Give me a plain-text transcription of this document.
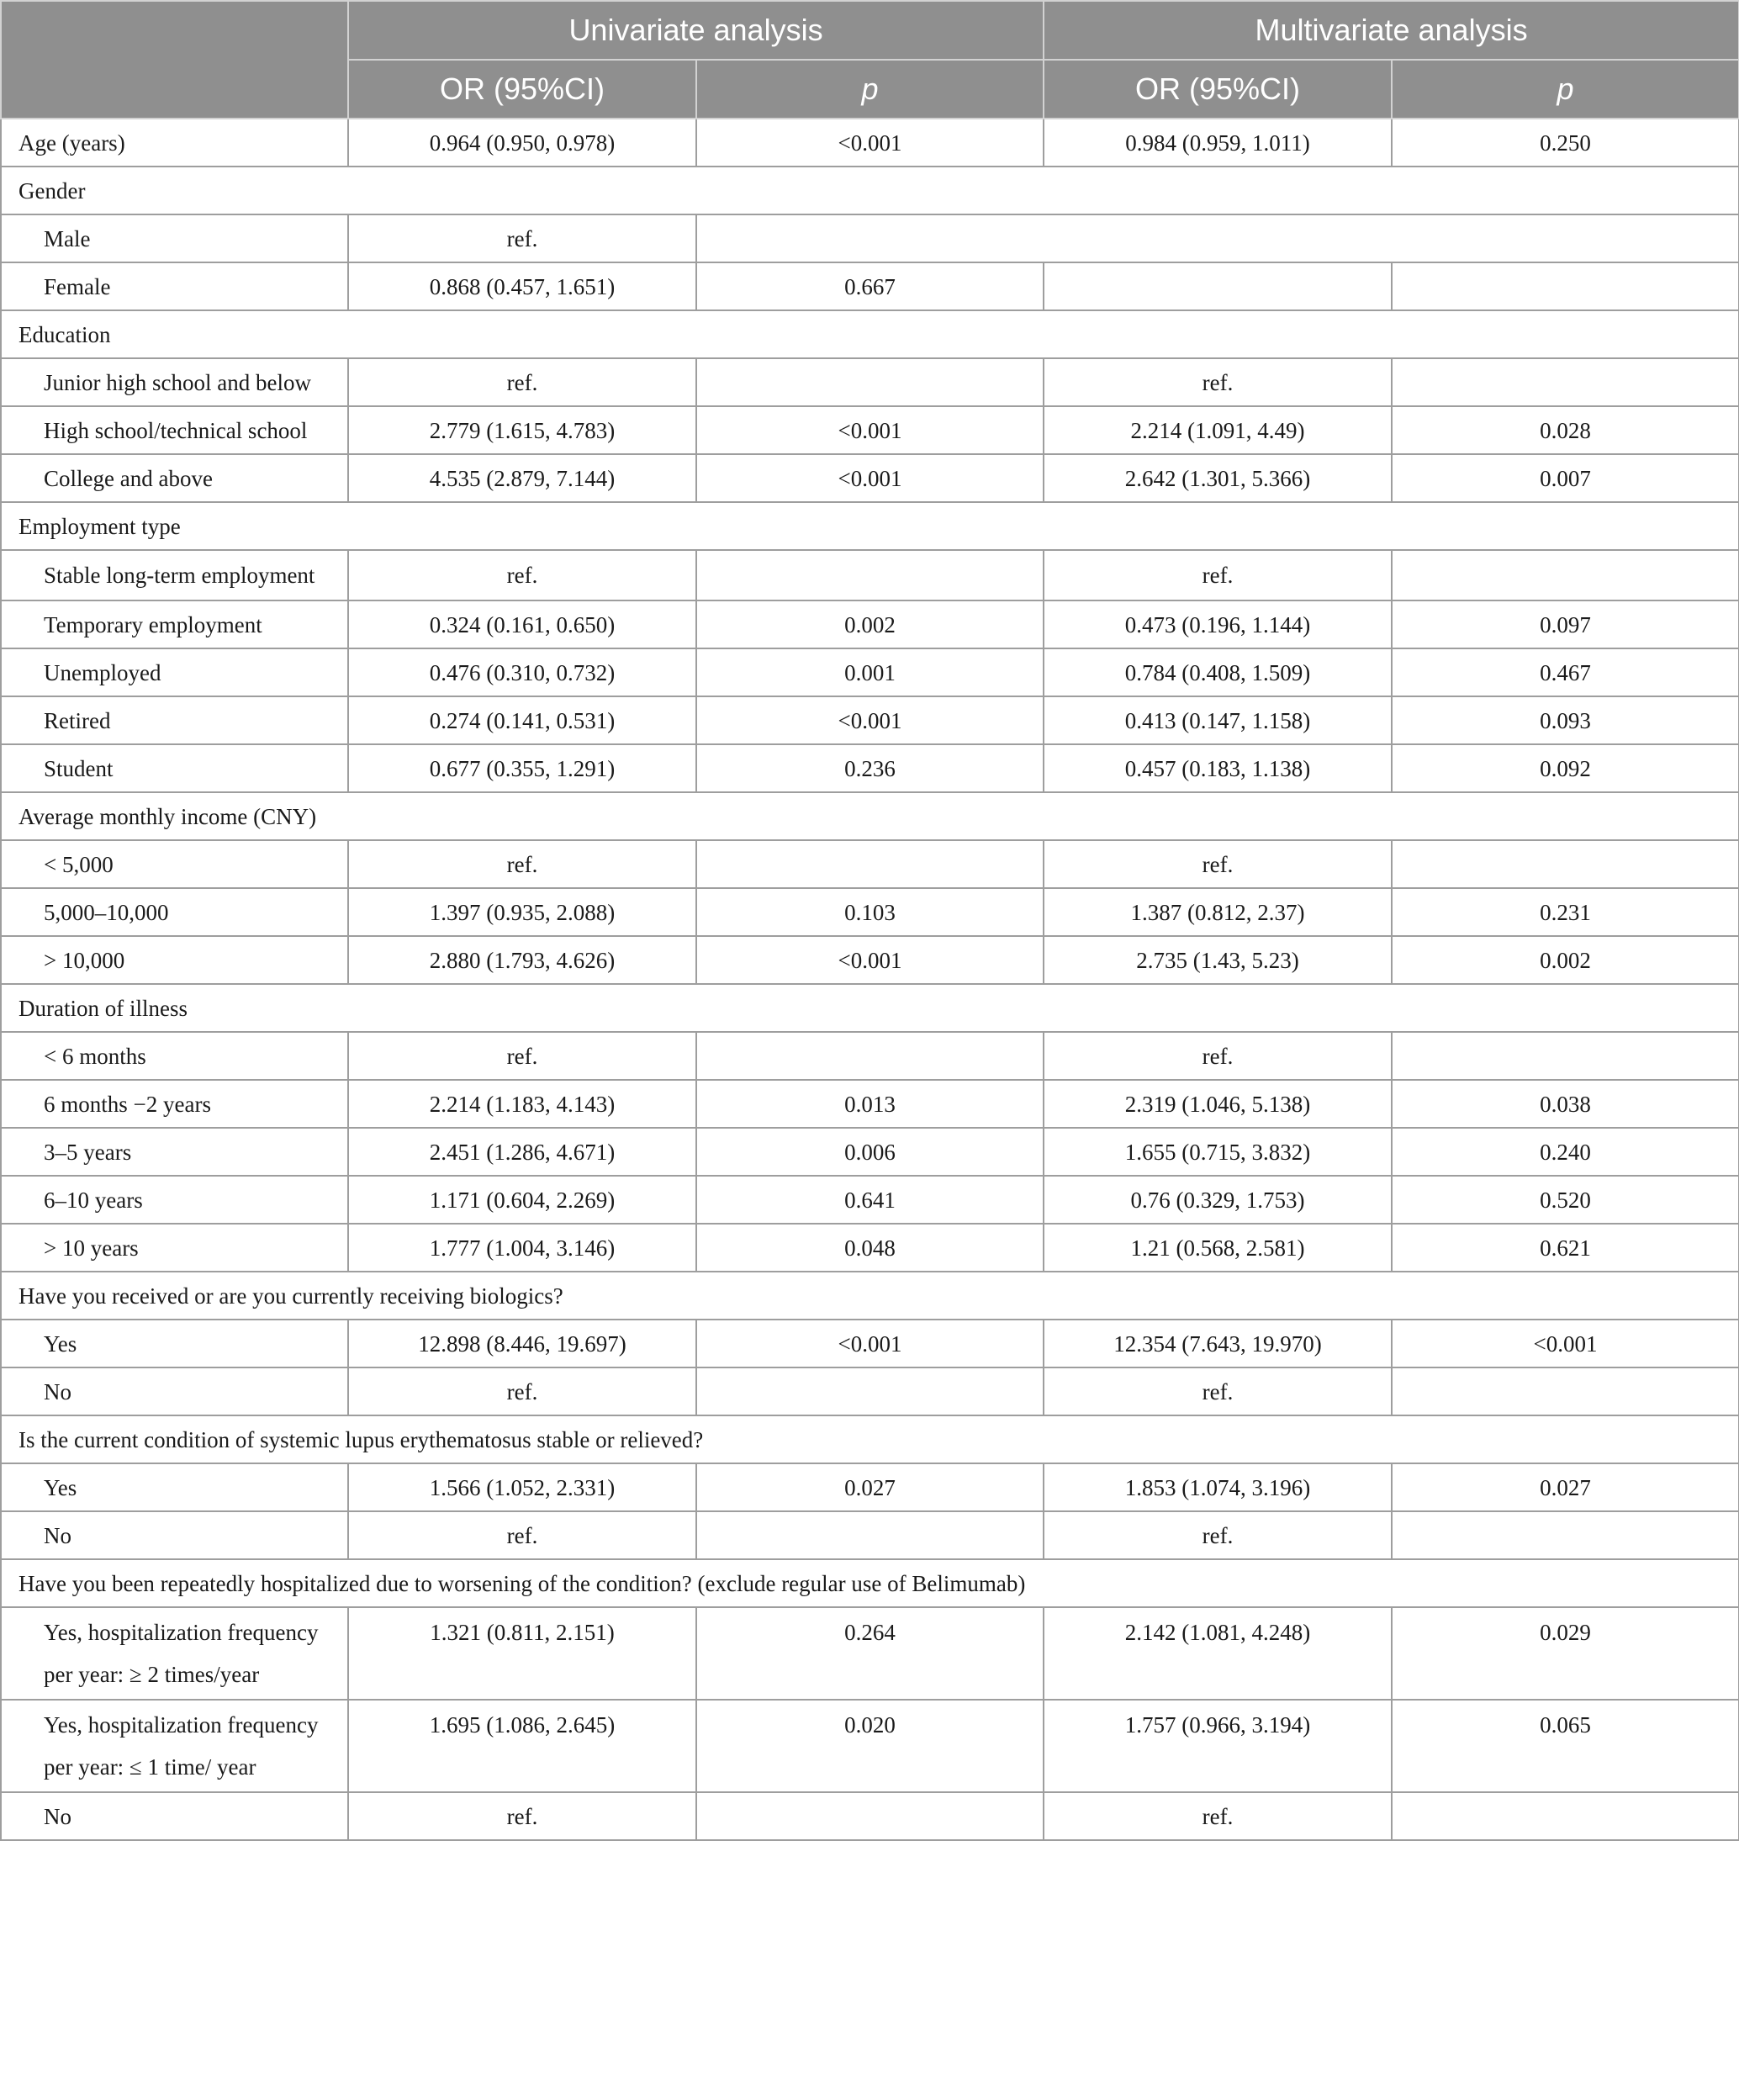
	Univariate analysis		Multivariate analysis	
	OR (95%CI)	p	OR (95%CI)	p
Age (years)	0.964 (0.950, 0.978)	<0.001	0.984 (0.959, 1.011)	0.250
Gender				
Male	ref.			
Female	0.868 (0.457, 1.651)	0.667		
Education				
Junior high school and below	ref.		ref.	
High school/technical school	2.779 (1.615, 4.783)	<0.001	2.214 (1.091, 4.49)	0.028
College and above	4.535 (2.879, 7.144)	<0.001	2.642 (1.301, 5.366)	0.007
Employment type				
Stable long-term employment	ref.		ref.	
Temporary employment	0.324 (0.161, 0.650)	0.002	0.473 (0.196, 1.144)	0.097
Unemployed	0.476 (0.310, 0.732)	0.001	0.784 (0.408, 1.509)	0.467
Retired	0.274 (0.141, 0.531)	<0.001	0.413 (0.147, 1.158)	0.093
Student	0.677 (0.355, 1.291)	0.236	0.457 (0.183, 1.138)	0.092
Average monthly income (CNY)				
< 5,000	ref.		ref.	
5,000–10,000	1.397 (0.935, 2.088)	0.103	1.387 (0.812, 2.37)	0.231
> 10,000	2.880 (1.793, 4.626)	<0.001	2.735 (1.43, 5.23)	0.002
Duration of illness				
< 6 months	ref.		ref.	
6 months −2 years	2.214 (1.183, 4.143)	0.013	2.319 (1.046, 5.138)	0.038
3–5 years	2.451 (1.286, 4.671)	0.006	1.655 (0.715, 3.832)	0.240
6–10 years	1.171 (0.604, 2.269)	0.641	0.76 (0.329, 1.753)	0.520
> 10 years	1.777 (1.004, 3.146)	0.048	1.21 (0.568, 2.581)	0.621
Have you received or are you currently receiving biologics?				
Yes	12.898 (8.446, 19.697)	<0.001	12.354 (7.643, 19.970)	<0.001
No	ref.		ref.	
Is the current condition of systemic lupus erythematosus stable or relieved?				
Yes	1.566 (1.052, 2.331)	0.027	1.853 (1.074, 3.196)	0.027
No	ref.		ref.	
Have you been repeatedly hospitalized due to worsening of the condition? (exclude regular use of Belimumab)				
Yes, hospitalization frequency per year: ≥ 2 times/year	1.321 (0.811, 2.151)	0.264	2.142 (1.081, 4.248)	0.029
Yes, hospitalization frequency per year: ≤ 1 time/ year	1.695 (1.086, 2.645)	0.020	1.757 (0.966, 3.194)	0.065
No	ref.		ref.	
